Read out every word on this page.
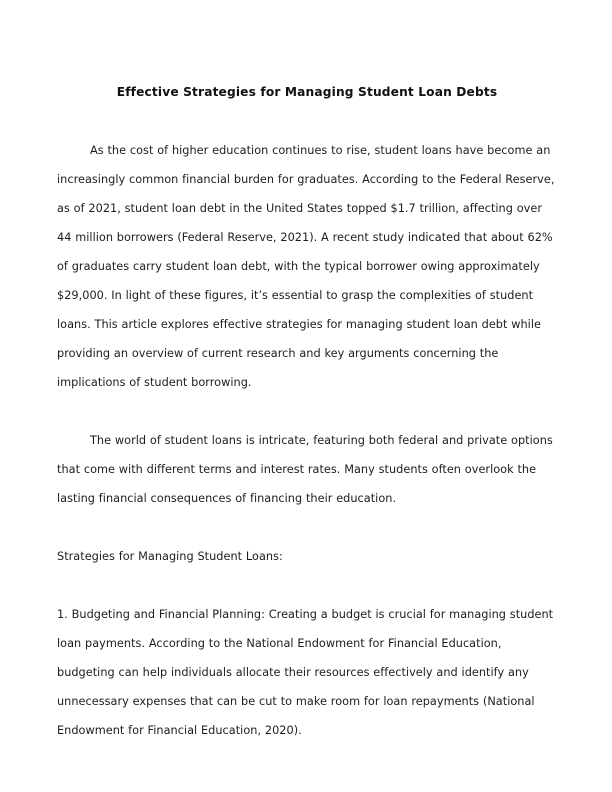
Effective Strategies for Managing Student Loan Debts

As the cost of higher education continues to rise, student loans have become an increasingly common financial burden for graduates. According to the Federal Reserve, as of 2021, student loan debt in the United States topped $1.7 trillion, affecting over 44 million borrowers (Federal Reserve, 2021). A recent study indicated that about 62% of graduates carry student loan debt, with the typical borrower owing approximately $29,000. In light of these figures, it’s essential to grasp the complexities of student loans. This article explores effective strategies for managing student loan debt while providing an overview of current research and key arguments concerning the implications of student borrowing.

The world of student loans is intricate, featuring both federal and private options that come with different terms and interest rates. Many students often overlook the lasting financial consequences of financing their education.

Strategies for Managing Student Loans:

1. Budgeting and Financial Planning: Creating a budget is crucial for managing student loan payments. According to the National Endowment for Financial Education, budgeting can help individuals allocate their resources effectively and identify any unnecessary expenses that can be cut to make room for loan repayments (National Endowment for Financial Education, 2020).
